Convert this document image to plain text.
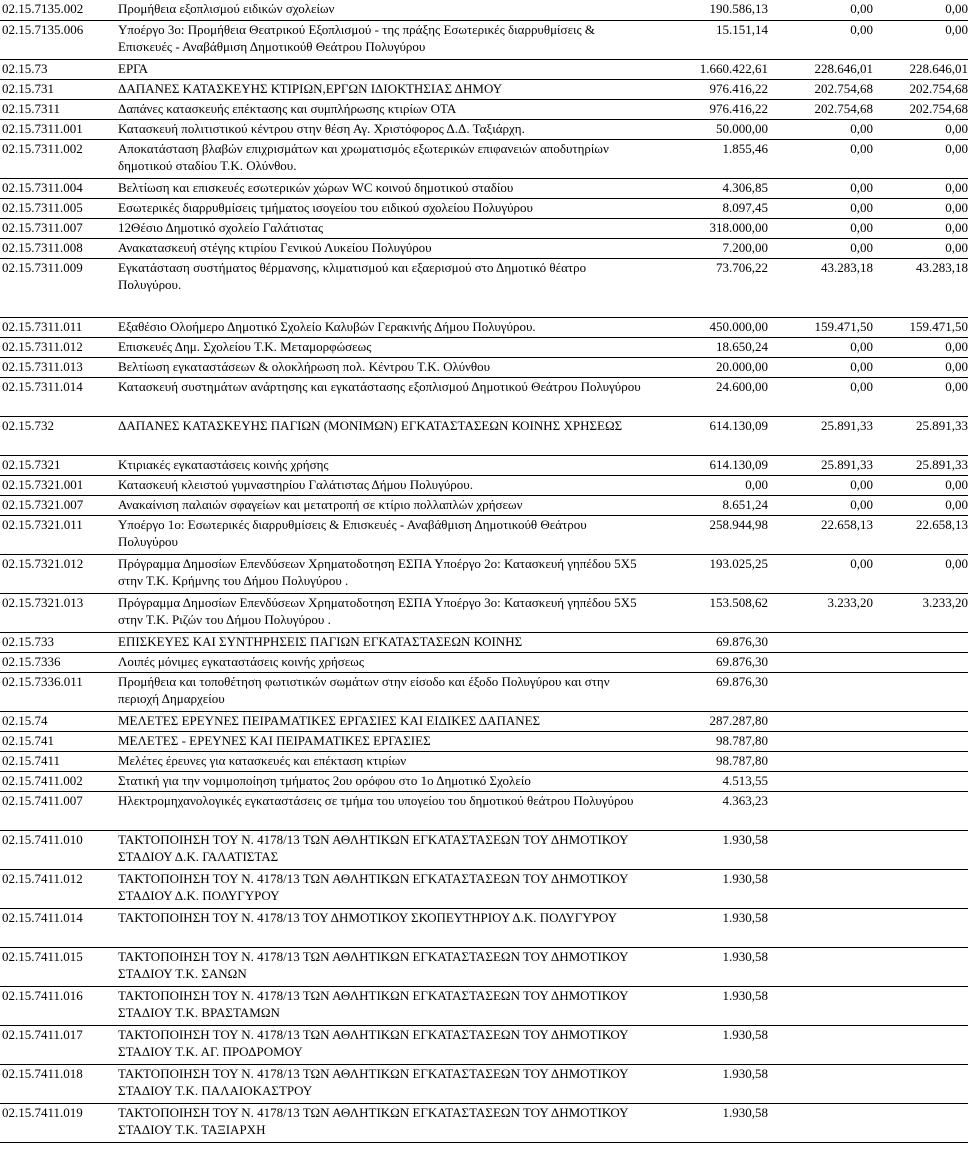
02.15.7135.002	Προμήθεια εξοπλισμού ειδικών σχολείων	190.586,13	0,00	0,00
02.15.7135.006	Υποέργο 3ο: Προμήθεια Θεατρικού Εξοπλισμού - της πράξης Εσωτερικές διαρρυθμίσεις & Επισκευές - Αναβάθμιση Δημοτικούθ Θεάτρου Πολυγύρου	15.151,14	0,00	0,00
02.15.73	ΕΡΓΑ	1.660.422,61	228.646,01	228.646,01
02.15.731	ΔΑΠΑΝΕΣ ΚΑΤΑΣΚΕΥΗΣ ΚΤΙΡΙΩΝ,ΕΡΓΩΝ ΙΔΙΟΚΤΗΣΙΑΣ ΔΗΜΟΥ	976.416,22	202.754,68	202.754,68
02.15.7311	Δαπάνες κατασκευής επέκτασης και συμπλήρωσης κτιρίων ΟΤΑ	976.416,22	202.754,68	202.754,68
02.15.7311.001	Κατασκευή πολιτιστικού κέντρου στην θέση Αγ. Χριστόφορος Δ.Δ. Ταξιάρχη.	50.000,00	0,00	0,00
02.15.7311.002	Αποκατάσταση βλαβών επιχρισμάτων και χρωματισμός εξωτερικών επιφανειών αποδυτηρίων δημοτικού σταδίου Τ.Κ. Ολύνθου.	1.855,46	0,00	0,00
02.15.7311.004	Βελτίωση και επισκευές εσωτερικών χώρων WC κοινού δημοτικού σταδίου	4.306,85	0,00	0,00
02.15.7311.005	Εσωτερικές διαρρυθμίσεις τμήματος ισογείου του ειδικού σχολείου Πολυγύρου	8.097,45	0,00	0,00
02.15.7311.007	12Θέσιο Δημοτικό σχολείο Γαλάτιστας	318.000,00	0,00	0,00
02.15.7311.008	Ανακατασκευή στέγης κτιρίου Γενικού Λυκείου Πολυγύρου	7.200,00	0,00	0,00
02.15.7311.009	Εγκατάσταση συστήματος θέρμανσης, κλιματισμού και εξαερισμού στο Δημοτικό θέατρο Πολυγύρου.	73.706,22	43.283,18	43.283,18
02.15.7311.011	Εξαθέσιο Ολοήμερο Δημοτικό Σχολείο Καλυβών Γερακινής Δήμου Πολυγύρου.	450.000,00	159.471,50	159.471,50
02.15.7311.012	Επισκευές Δημ. Σχολείου Τ.Κ. Μεταμορφώσεως	18.650,24	0,00	0,00
02.15.7311.013	Βελτίωση εγκαταστάσεων & ολοκλήρωση πολ. Κέντρου Τ.Κ. Ολύνθου	20.000,00	0,00	0,00
02.15.7311.014	Κατασκευή συστημάτων ανάρτησης και εγκατάστασης εξοπλισμού Δημοτικού Θεάτρου Πολυγύρου	24.600,00	0,00	0,00
02.15.732	ΔΑΠΑΝΕΣ ΚΑΤΑΣΚΕΥΗΣ ΠΑΓΙΩΝ (ΜΟΝΙΜΩΝ) ΕΓΚΑΤΑΣΤΑΣΕΩΝ ΚΟΙΝΗΣ ΧΡΗΣΕΩΣ	614.130,09	25.891,33	25.891,33
02.15.7321	Κτιριακές εγκαταστάσεις κοινής χρήσης	614.130,09	25.891,33	25.891,33
02.15.7321.001	Κατασκευή κλειστού γυμναστηρίου Γαλάτιστας Δήμου Πολυγύρου.	0,00	0,00	0,00
02.15.7321.007	Ανακαίνιση παλαιών σφαγείων και μετατροπή σε κτίριο πολλαπλών χρήσεων	8.651,24	0,00	0,00
02.15.7321.011	Υποέργο 1ο: Εσωτερικές διαρρυθμίσεις & Επισκευές - Αναβάθμιση Δημοτικούθ Θεάτρου Πολυγύρου	258.944,98	22.658,13	22.658,13
02.15.7321.012	Πρόγραμμα Δημοσίων Επενδύσεων Χρηματοδοτηση ΕΣΠΑ Υποέργο 2ο: Κατασκευή γηπέδου 5Χ5 στην Τ.Κ. Κρήμνης του Δήμου Πολυγύρου .	193.025,25	0,00	0,00
02.15.7321.013	Πρόγραμμα Δημοσίων Επενδύσεων Χρηματοδοτηση ΕΣΠΑ Υποέργο 3ο: Κατασκευή γηπέδου 5Χ5 στην Τ.Κ. Ριζών του Δήμου Πολυγύρου .	153.508,62	3.233,20	3.233,20
02.15.733	ΕΠΙΣΚΕΥΕΣ ΚΑΙ ΣΥΝΤΗΡΗΣΕΙΣ ΠΑΓΙΩΝ ΕΓΚΑΤΑΣΤΑΣΕΩΝ ΚΟΙΝΗΣ	69.876,30		
02.15.7336	Λοιπές μόνιμες εγκαταστάσεις κοινής χρήσεως	69.876,30		
02.15.7336.011	Προμήθεια και τοποθέτηση φωτιστικών σωμάτων στην είσοδο και έξοδο Πολυγύρου και στην περιοχή Δημαρχείου	69.876,30		
02.15.74	ΜΕΛΕΤΕΣ ΕΡΕΥΝΕΣ ΠΕΙΡΑΜΑΤΙΚΕΣ ΕΡΓΑΣΙΕΣ ΚΑΙ ΕΙΔΙΚΕΣ ΔΑΠΑΝΕΣ	287.287,80		
02.15.741	ΜΕΛΕΤΕΣ - ΕΡΕΥΝΕΣ ΚΑΙ ΠΕΙΡΑΜΑΤΙΚΕΣ ΕΡΓΑΣΙΕΣ	98.787,80		
02.15.7411	Μελέτες έρευνες για κατασκευές και επέκταση κτιρίων	98.787,80		
02.15.7411.002	Στατική για την νομιμοποίηση τμήματος 2ου ορόφου στο 1ο Δημοτικό Σχολείο	4.513,55		
02.15.7411.007	Ηλεκτρομηχανολογικές εγκαταστάσεις σε τμήμα του υπογείου του δημοτικού θεάτρου Πολυγύρου	4.363,23		
02.15.7411.010	ΤΑΚΤΟΠΟΙΗΣΗ ΤΟΥ Ν. 4178/13 ΤΩΝ ΑΘΛΗΤΙΚΩΝ ΕΓΚΑΤΑΣΤΑΣΕΩΝ ΤΟΥ ΔΗΜΟΤΙΚΟΥ ΣΤΑΔΙΟΥ Δ.Κ. ΓΑΛΑΤΙΣΤΑΣ	1.930,58		
02.15.7411.012	ΤΑΚΤΟΠΟΙΗΣΗ ΤΟΥ Ν. 4178/13 ΤΩΝ ΑΘΛΗΤΙΚΩΝ ΕΓΚΑΤΑΣΤΑΣΕΩΝ ΤΟΥ ΔΗΜΟΤΙΚΟΥ ΣΤΑΔΙΟΥ Δ.Κ. ΠΟΛΥΓΥΡΟΥ	1.930,58		
02.15.7411.014	ΤΑΚΤΟΠΟΙΗΣΗ ΤΟΥ Ν. 4178/13 ΤΟΥ ΔΗΜΟΤΙΚΟΥ ΣΚΟΠΕΥΤΗΡΙΟΥ Δ.Κ. ΠΟΛΥΓΥΡΟΥ	1.930,58		
02.15.7411.015	ΤΑΚΤΟΠΟΙΗΣΗ ΤΟΥ Ν. 4178/13 ΤΩΝ ΑΘΛΗΤΙΚΩΝ ΕΓΚΑΤΑΣΤΑΣΕΩΝ ΤΟΥ ΔΗΜΟΤΙΚΟΥ ΣΤΑΔΙΟΥ Τ.Κ. ΣΑΝΩΝ	1.930,58		
02.15.7411.016	ΤΑΚΤΟΠΟΙΗΣΗ ΤΟΥ Ν. 4178/13 ΤΩΝ ΑΘΛΗΤΙΚΩΝ ΕΓΚΑΤΑΣΤΑΣΕΩΝ ΤΟΥ ΔΗΜΟΤΙΚΟΥ ΣΤΑΔΙΟΥ Τ.Κ. ΒΡΑΣΤΑΜΩΝ	1.930,58		
02.15.7411.017	ΤΑΚΤΟΠΟΙΗΣΗ ΤΟΥ Ν. 4178/13 ΤΩΝ ΑΘΛΗΤΙΚΩΝ ΕΓΚΑΤΑΣΤΑΣΕΩΝ ΤΟΥ ΔΗΜΟΤΙΚΟΥ ΣΤΑΔΙΟΥ Τ.Κ. ΑΓ. ΠΡΟΔΡΟΜΟΥ	1.930,58		
02.15.7411.018	ΤΑΚΤΟΠΟΙΗΣΗ ΤΟΥ Ν. 4178/13 ΤΩΝ ΑΘΛΗΤΙΚΩΝ ΕΓΚΑΤΑΣΤΑΣΕΩΝ ΤΟΥ ΔΗΜΟΤΙΚΟΥ ΣΤΑΔΙΟΥ Τ.Κ. ΠΑΛΑΙΟΚΑΣΤΡΟΥ	1.930,58		
02.15.7411.019	ΤΑΚΤΟΠΟΙΗΣΗ ΤΟΥ Ν. 4178/13 ΤΩΝ ΑΘΛΗΤΙΚΩΝ ΕΓΚΑΤΑΣΤΑΣΕΩΝ ΤΟΥ ΔΗΜΟΤΙΚΟΥ ΣΤΑΔΙΟΥ Τ.Κ. ΤΑΞΙΑΡΧΗ	1.930,58		
